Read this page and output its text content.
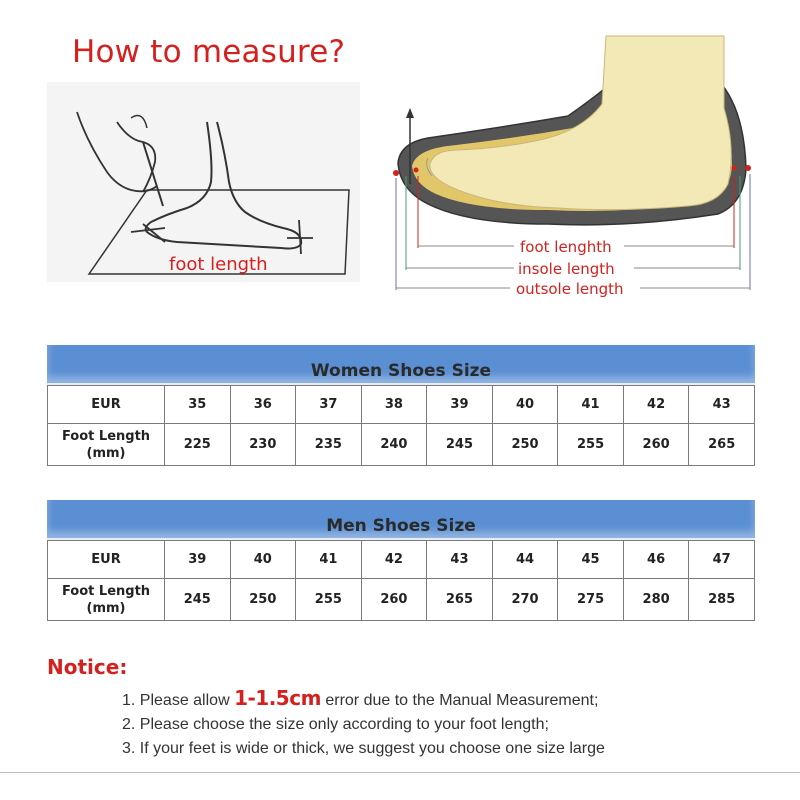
How to measure?
foot length
foot lenghth
insole length
outsole length
Women Shoes Size
EUR	35	36	37	38	39	40	41	42	43
Foot Length
(mm)	225	230	235	240	245	250	255	260	265
Men Shoes Size
EUR	39	40	41	42	43	44	45	46	47
Foot Length
(mm)	245	250	255	260	265	270	275	280	285
Notice:
1. Please allow 1-1.5cm error due to the Manual Measurement;
2. Please choose the size only according to your foot length;
3. If your feet is wide or thick, we suggest you choose one size large
